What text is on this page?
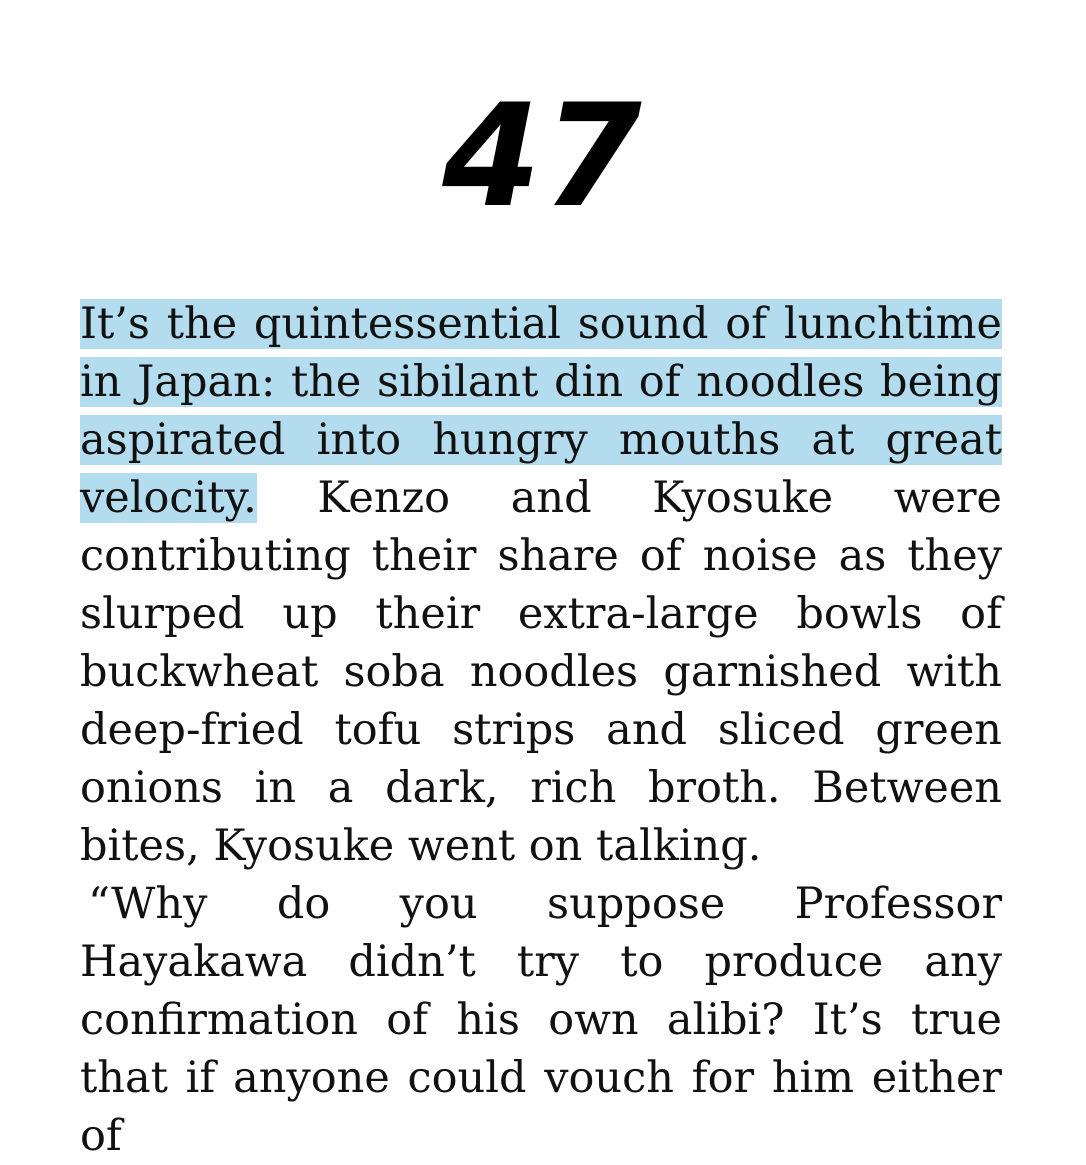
47

It’s the quintessential sound of lunchtime in Japan: the sibilant din of noodles being aspirated into hungry mouths at great velocity. Kenzo and Kyosuke were contributing their share of noise as they slurped up their extra-large bowls of buckwheat soba noodles garnished with deep-fried tofu strips and sliced green onions in a dark, rich broth. Between bites, Kyosuke went on talking.

“Why do you suppose Professor Hayakawa didn’t try to produce any confirmation of his own alibi? It’s true that if anyone could vouch for him either of
